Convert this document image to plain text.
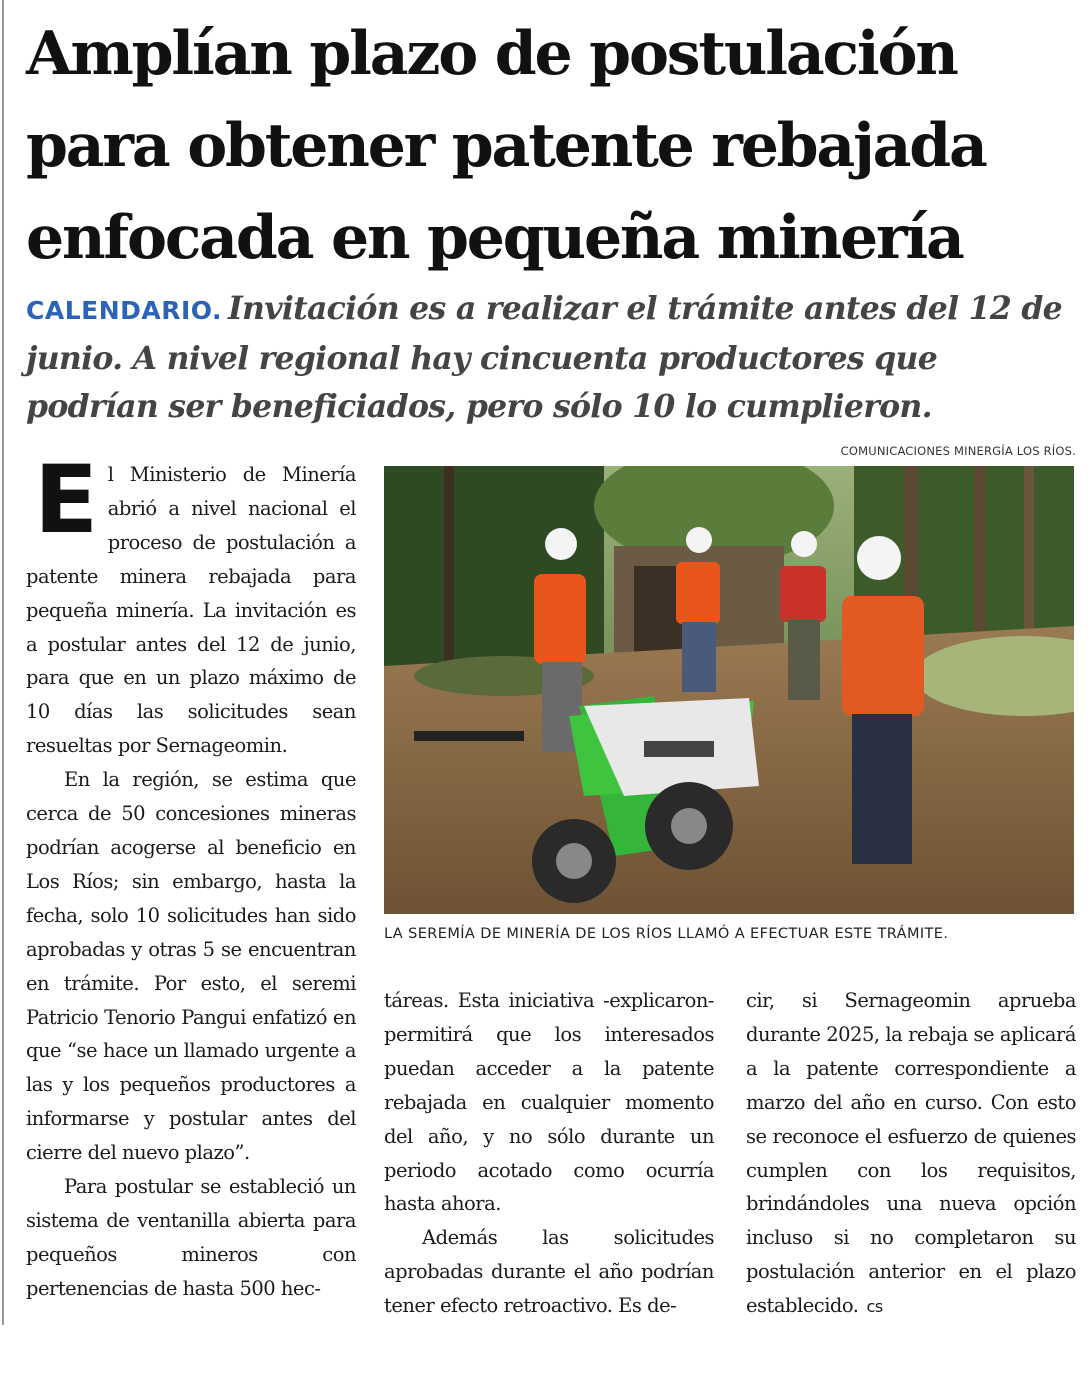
Amplían plazo de postulación para obtener patente rebajada enfocada en pequeña minería

CALENDARIO. Invitación es a realizar el trámite antes del 12 de junio. A nivel regional hay cincuenta productores que podrían ser beneficiados, pero sólo 10 lo cumplieron.

COMUNICACIONES MINERGÍA LOS RÍOS.

LA SEREMÍA DE MINERÍA DE LOS RÍOS LLAMÓ A EFECTUAR ESTE TRÁMITE.

El Ministerio de Minería abrió a nivel nacional el proceso de postulación a patente minera rebajada para pequeña minería. La invitación es a postular antes del 12 de junio, para que en un plazo máximo de 10 días las solicitudes sean resueltas por Sernageomin.

En la región, se estima que cerca de 50 concesiones mineras podrían acogerse al beneficio en Los Ríos; sin embargo, hasta la fecha, solo 10 solicitudes han sido aprobadas y otras 5 se encuentran en trámite. Por esto, el seremi Patricio Tenorio Pangui enfatizó en que “se hace un llamado urgente a las y los pequeños productores a informarse y postular antes del cierre del nuevo plazo”.

Para postular se estableció un sistema de ventanilla abierta para pequeños mineros con pertenencias de hasta 500 hec-

táreas. Esta iniciativa -explicaron- permitirá que los interesados puedan acceder a la patente rebajada en cualquier momento del año, y no sólo durante un periodo acotado como ocurría hasta ahora.

Además las solicitudes aprobadas durante el año podrían tener efecto retroactivo. Es de-

cir, si Sernageomin aprueba durante 2025, la rebaja se aplicará a la patente correspondiente a marzo del año en curso. Con esto se reconoce el esfuerzo de quienes cumplen con los requisitos, brindándoles una nueva opción incluso si no completaron su postulación anterior en el plazo establecido. cs
